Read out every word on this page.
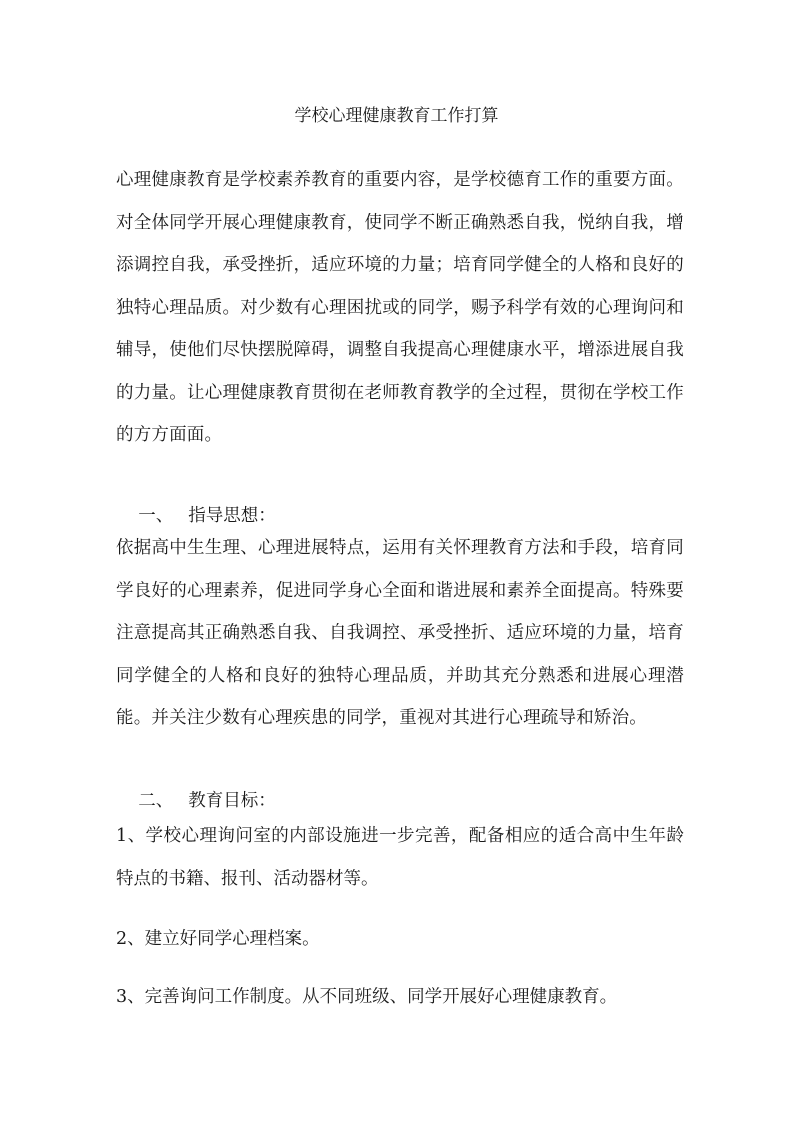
学校心理健康教育工作打算

心理健康教育是学校素养教育的重要内容，是学校德育工作的重要方面。对全体同学开展心理健康教育，使同学不断正确熟悉自我，悦纳自我，增添调控自我，承受挫折，适应环境的力量；培育同学健全的人格和良好的独特心理品质。对少数有心理困扰或的同学，赐予科学有效的心理询问和辅导，使他们尽快摆脱障碍，调整自我提高心理健康水平，增添进展自我的力量。让心理健康教育贯彻在老师教育教学的全过程，贯彻在学校工作的方方面面。

一、 指导思想：

依据高中生生理、心理进展特点，运用有关怀理教育方法和手段，培育同学良好的心理素养，促进同学身心全面和谐进展和素养全面提高。特殊要注意提高其正确熟悉自我、自我调控、承受挫折、适应环境的力量，培育同学健全的人格和良好的独特心理品质，并助其充分熟悉和进展心理潜能。并关注少数有心理疾患的同学，重视对其进行心理疏导和矫治。

二、 教育目标：

1、学校心理询问室的内部设施进一步完善，配备相应的适合高中生年龄特点的书籍、报刊、活动器材等。

2、建立好同学心理档案。

3、完善询问工作制度。从不同班级、同学开展好心理健康教育。
